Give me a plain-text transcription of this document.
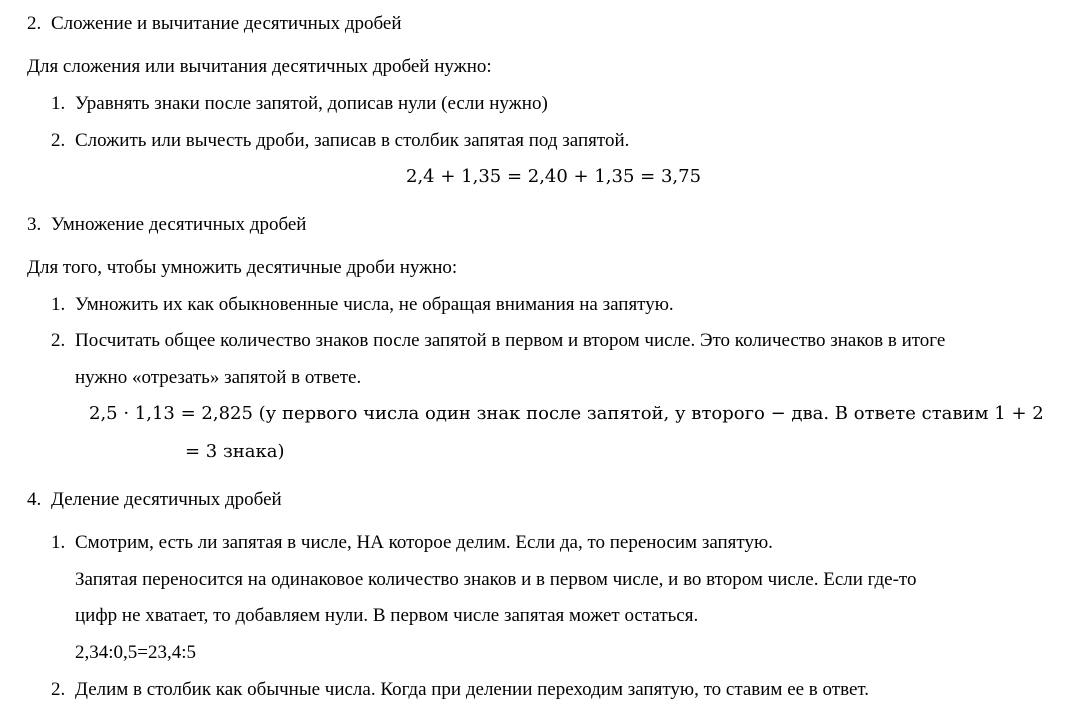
2. Сложение и вычитание десятичных дробей
Для сложения или вычитания десятичных дробей нужно:
1. Уравнять знаки после запятой, дописав нули (если нужно)
2. Сложить или вычесть дроби, записав в столбик запятая под запятой.
2,4 + 1,35 = 2,40 + 1,35 = 3,75
3. Умножение десятичных дробей
Для того, чтобы умножить десятичные дроби нужно:
1. Умножить их как обыкновенные числа, не обращая внимания на запятую.
2. Посчитать общее количество знаков после запятой в первом и втором числе. Это количество знаков в итоге
нужно «отрезать» запятой в ответе.
2,5 · 1,13 = 2,825 (у первого числа один знак после запятой, у второго − два. В ответе ставим 1 + 2
= 3 знака)
4. Деление десятичных дробей
1. Смотрим, есть ли запятая в числе, НА которое делим. Если да, то переносим запятую.
Запятая переносится на одинаковое количество знаков и в первом числе, и во втором числе. Если где-то
цифр не хватает, то добавляем нули. В первом числе запятая может остаться.
2,34:0,5=23,4:5
2. Делим в столбик как обычные числа. Когда при делении переходим запятую, то ставим ее в ответ.
